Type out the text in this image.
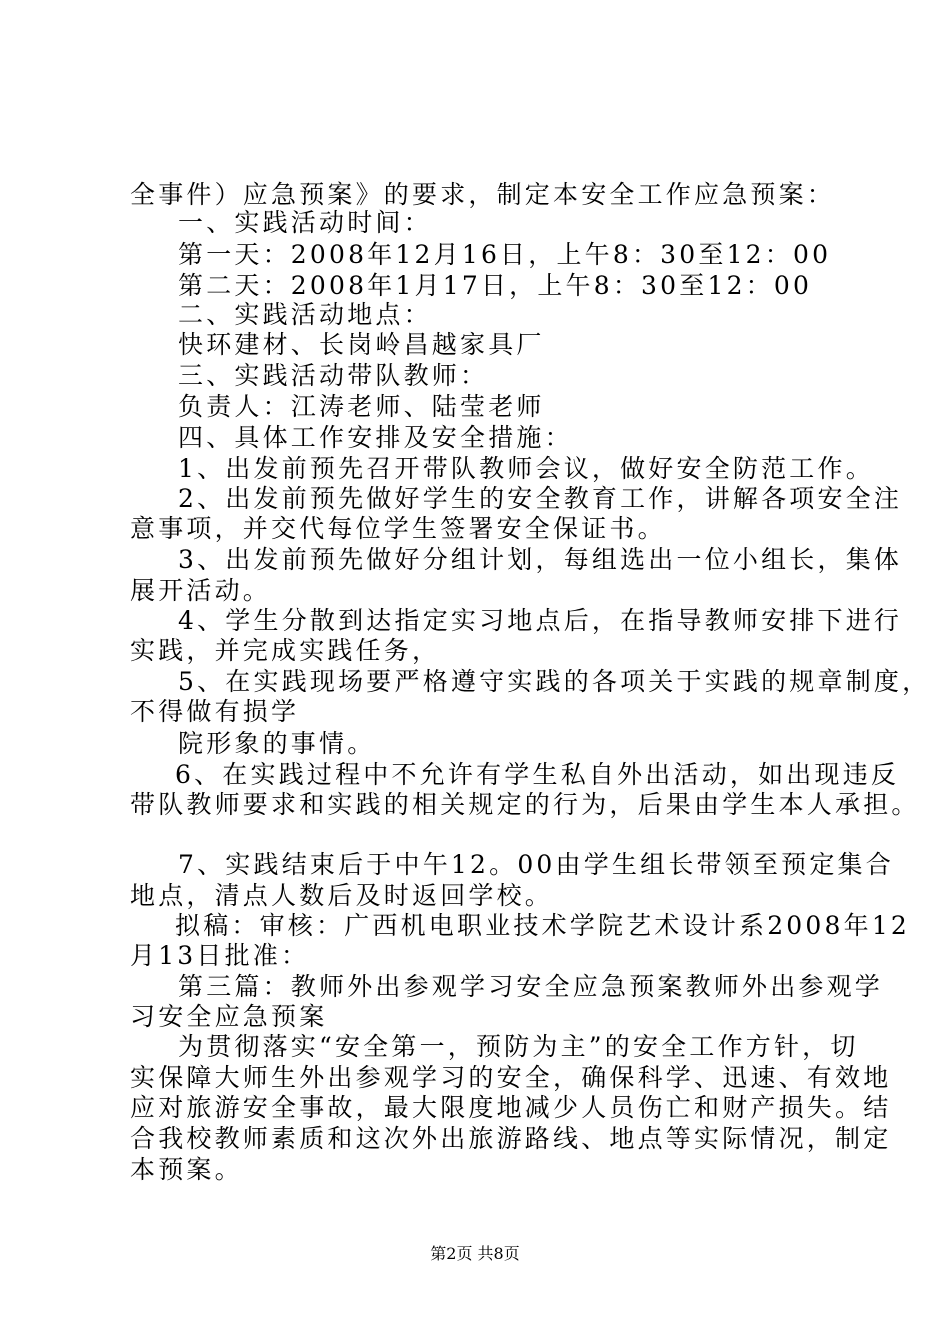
全事件）应急预案》的要求，制定本安全工作应急预案：
一、实践活动时间：
第一天：2008年12月16日，上午8：30至12：00
第二天：2008年1月17日，上午8：30至12：00
二、实践活动地点：
快环建材、长岗岭昌越家具厂
三、实践活动带队教师：
负责人：江涛老师、陆莹老师
四、具体工作安排及安全措施：
1、出发前预先召开带队教师会议，做好安全防范工作。
2、出发前预先做好学生的安全教育工作，讲解各项安全注
意事项，并交代每位学生签署安全保证书。
3、出发前预先做好分组计划，每组选出一位小组长，集体
展开活动。
4、学生分散到达指定实习地点后，在指导教师安排下进行
实践，并完成实践任务，
5、在实践现场要严格遵守实践的各项关于实践的规章制度，
不得做有损学
院形象的事情。
6、在实践过程中不允许有学生私自外出活动，如出现违反
带队教师要求和实践的相关规定的行为，后果由学生本人承担。
7、实践结束后于中午12。00由学生组长带领至预定集合
地点，清点人数后及时返回学校。
拟稿：审核：广西机电职业技术学院艺术设计系2008年12
月13日批准：
第三篇：教师外出参观学习安全应急预案教师外出参观学
习安全应急预案
为贯彻落实“安全第一，预防为主”的安全工作方针，切
实保障大师生外出参观学习的安全，确保科学、迅速、有效地
应对旅游安全事故，最大限度地减少人员伤亡和财产损失。结
合我校教师素质和这次外出旅游路线、地点等实际情况，制定
本预案。
第2页 共8页
